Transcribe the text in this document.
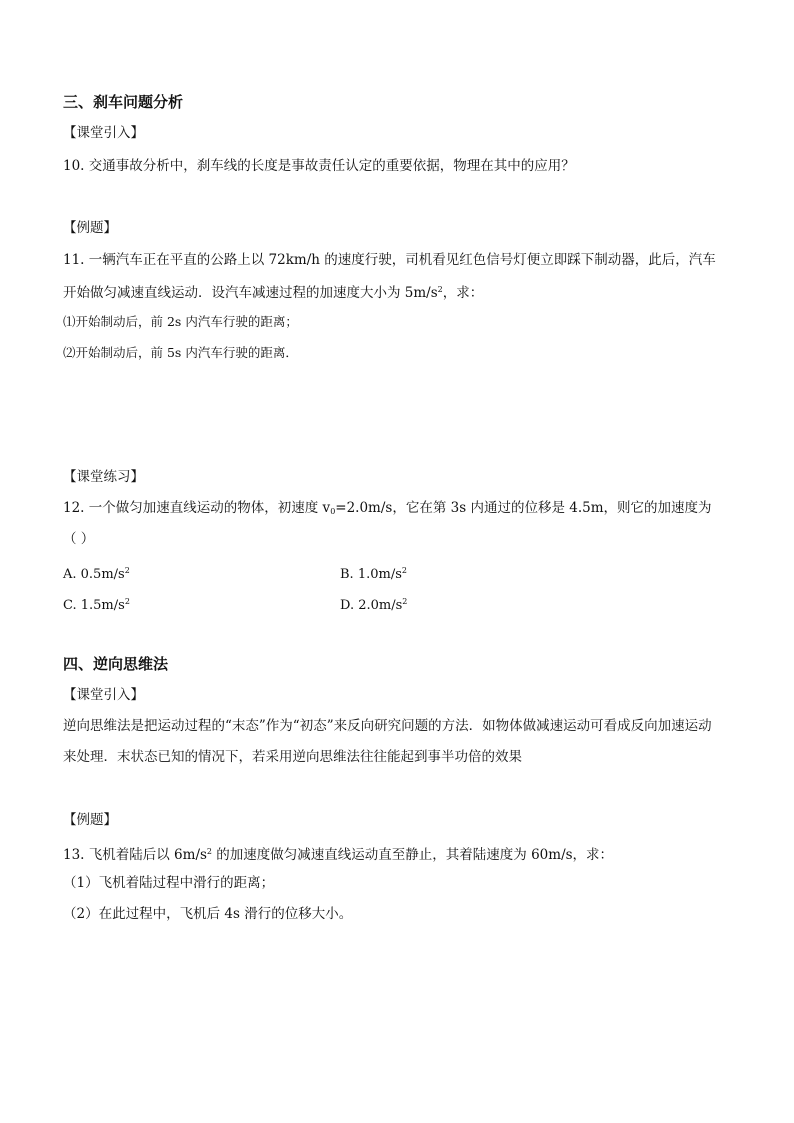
三、刹车问题分析
【课堂引入】
10. 交通事故分析中，刹车线的长度是事故责任认定的重要依据，物理在其中的应用？
【例题】
11. 一辆汽车正在平直的公路上以 72km/h 的速度行驶，司机看见红色信号灯便立即踩下制动器，此后，汽车
开始做匀减速直线运动．设汽车减速过程的加速度大小为 $5m/s^2$，求：
⑴开始制动后，前 2s 内汽车行驶的距离；
⑵开始制动后，前 5s 内汽车行驶的距离．
【课堂练习】
12. 一个做匀加速直线运动的物体，初速度 $v_0=2.0m/s$，它在第 3s 内通过的位移是 4.5m，则它的加速度为
（ ）
A. $0.5m/s^2$	B. $1.0m/s^2$
C. $1.5m/s^2$	D. $2.0m/s^2$
四、逆向思维法
【课堂引入】
逆向思维法是把运动过程的“末态”作为“初态”来反向研究问题的方法．如物体做减速运动可看成反向加速运动
来处理．末状态已知的情况下，若采用逆向思维法往往能起到事半功倍的效果
【例题】
13. 飞机着陆后以 $6m/s^2$ 的加速度做匀减速直线运动直至静止，其着陆速度为 60m/s，求：
（1）飞机着陆过程中滑行的距离；
（2）在此过程中，飞机后 4s 滑行的位移大小。
